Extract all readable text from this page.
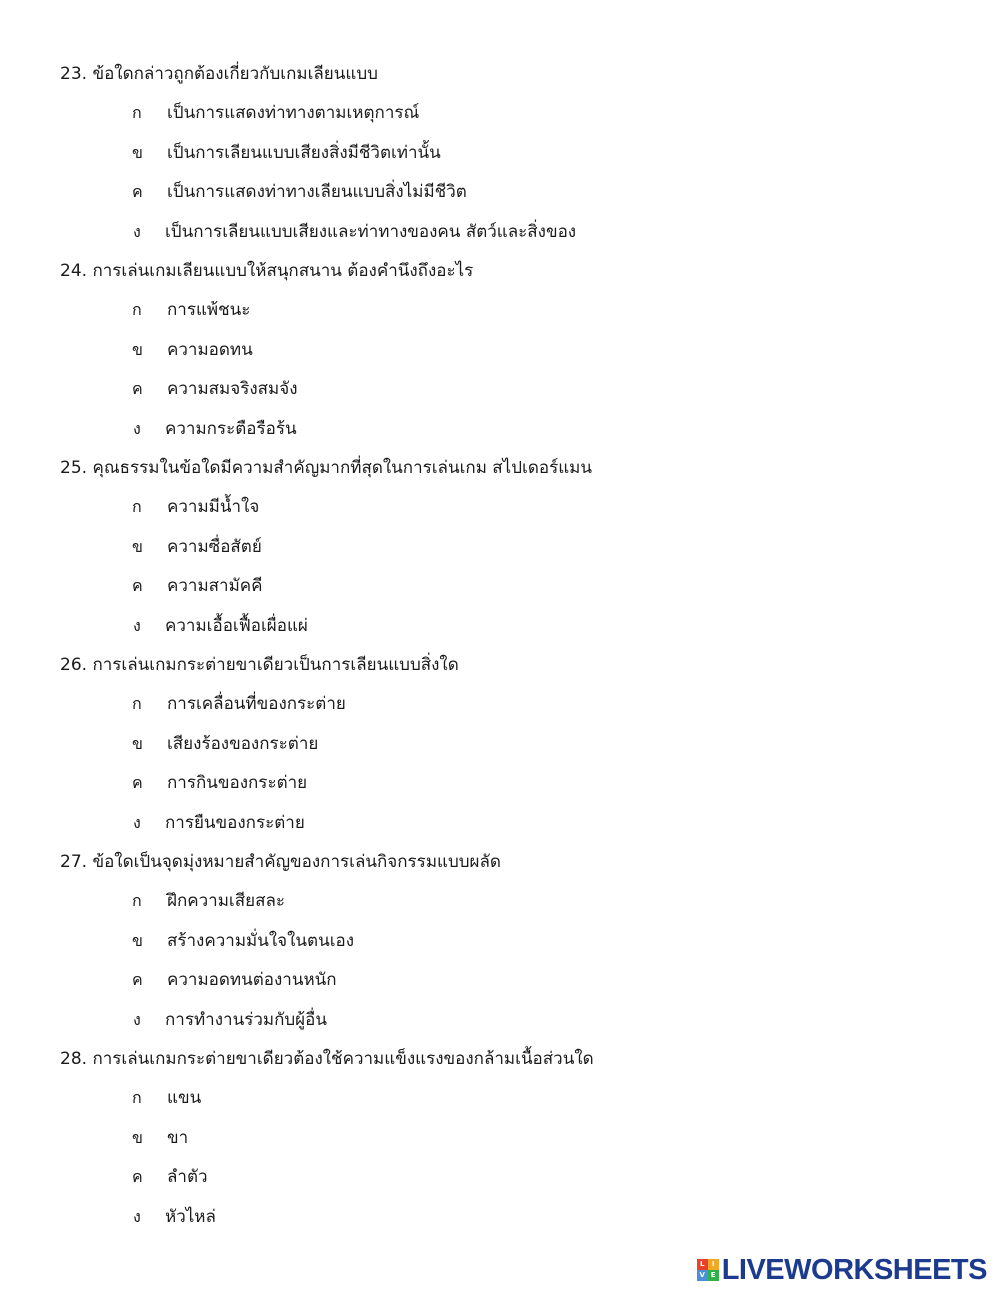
23. ข้อใดกล่าวถูกต้องเกี่ยวกับเกมเลียนแบบ
ก	เป็นการแสดงท่าทางตามเหตุการณ์
ข	เป็นการเลียนแบบเสียงสิ่งมีชีวิตเท่านั้น
ค	เป็นการแสดงท่าทางเลียนแบบสิ่งไม่มีชีวิต
ง	เป็นการเลียนแบบเสียงและท่าทางของคน สัตว์และสิ่งของ
24. การเล่นเกมเลียนแบบให้สนุกสนาน ต้องคำนึงถึงอะไร
ก	การแพ้ชนะ
ข	ความอดทน
ค	ความสมจริงสมจัง
ง	ความกระตือรือร้น
25. คุณธรรมในข้อใดมีความสำคัญมากที่สุดในการเล่นเกม สไปเดอร์แมน
ก	ความมีน้ำใจ
ข	ความซื่อสัตย์
ค	ความสามัคคี
ง	ความเอื้อเฟื้อเผื่อแผ่
26. การเล่นเกมกระต่ายขาเดียวเป็นการเลียนแบบสิ่งใด
ก	การเคลื่อนที่ของกระต่าย
ข	เสียงร้องของกระต่าย
ค	การกินของกระต่าย
ง	การยืนของกระต่าย
27. ข้อใดเป็นจุดมุ่งหมายสำคัญของการเล่นกิจกรรมแบบผลัด
ก	ฝึกความเสียสละ
ข	สร้างความมั่นใจในตนเอง
ค	ความอดทนต่องานหนัก
ง	การทำงานร่วมกับผู้อื่น
28. การเล่นเกมกระต่ายขาเดียวต้องใช้ความแข็งแรงของกล้ามเนื้อส่วนใด
ก	แขน
ข	ขา
ค	ลำตัว
ง	หัวไหล่
L	I
V E LIVEWORKSHEETS
